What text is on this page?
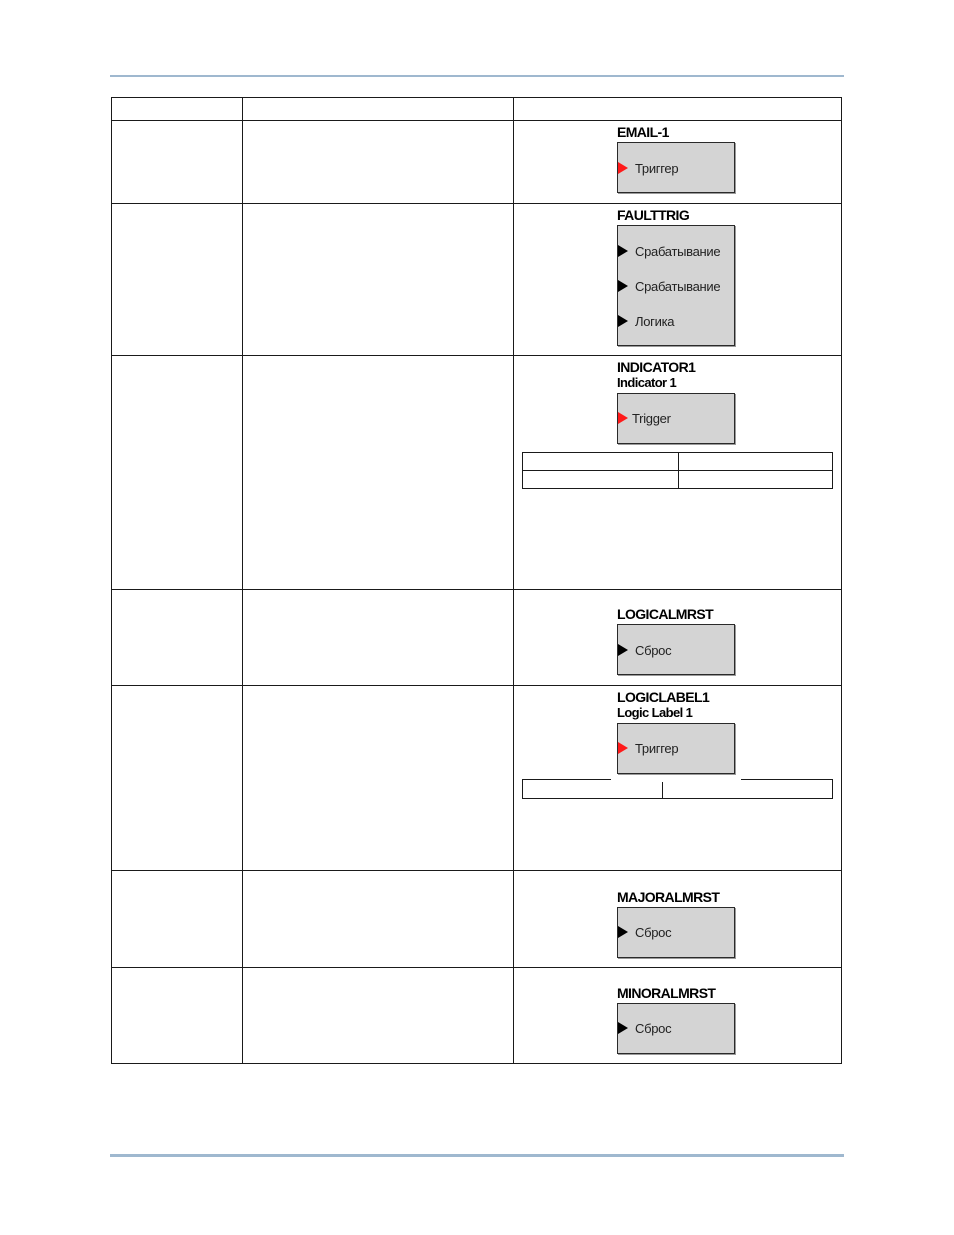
EMAIL-1
Триггер
FAULTTRIG
Срабатывание
Срабатывание
Логика
INDICATOR1
Indicator 1
Trigger
LOGICALMRST
Сброс
LOGICLABEL1
Logic Label 1
Триггер
MAJORALMRST
Сброс
MINORALMRST
Сброс
